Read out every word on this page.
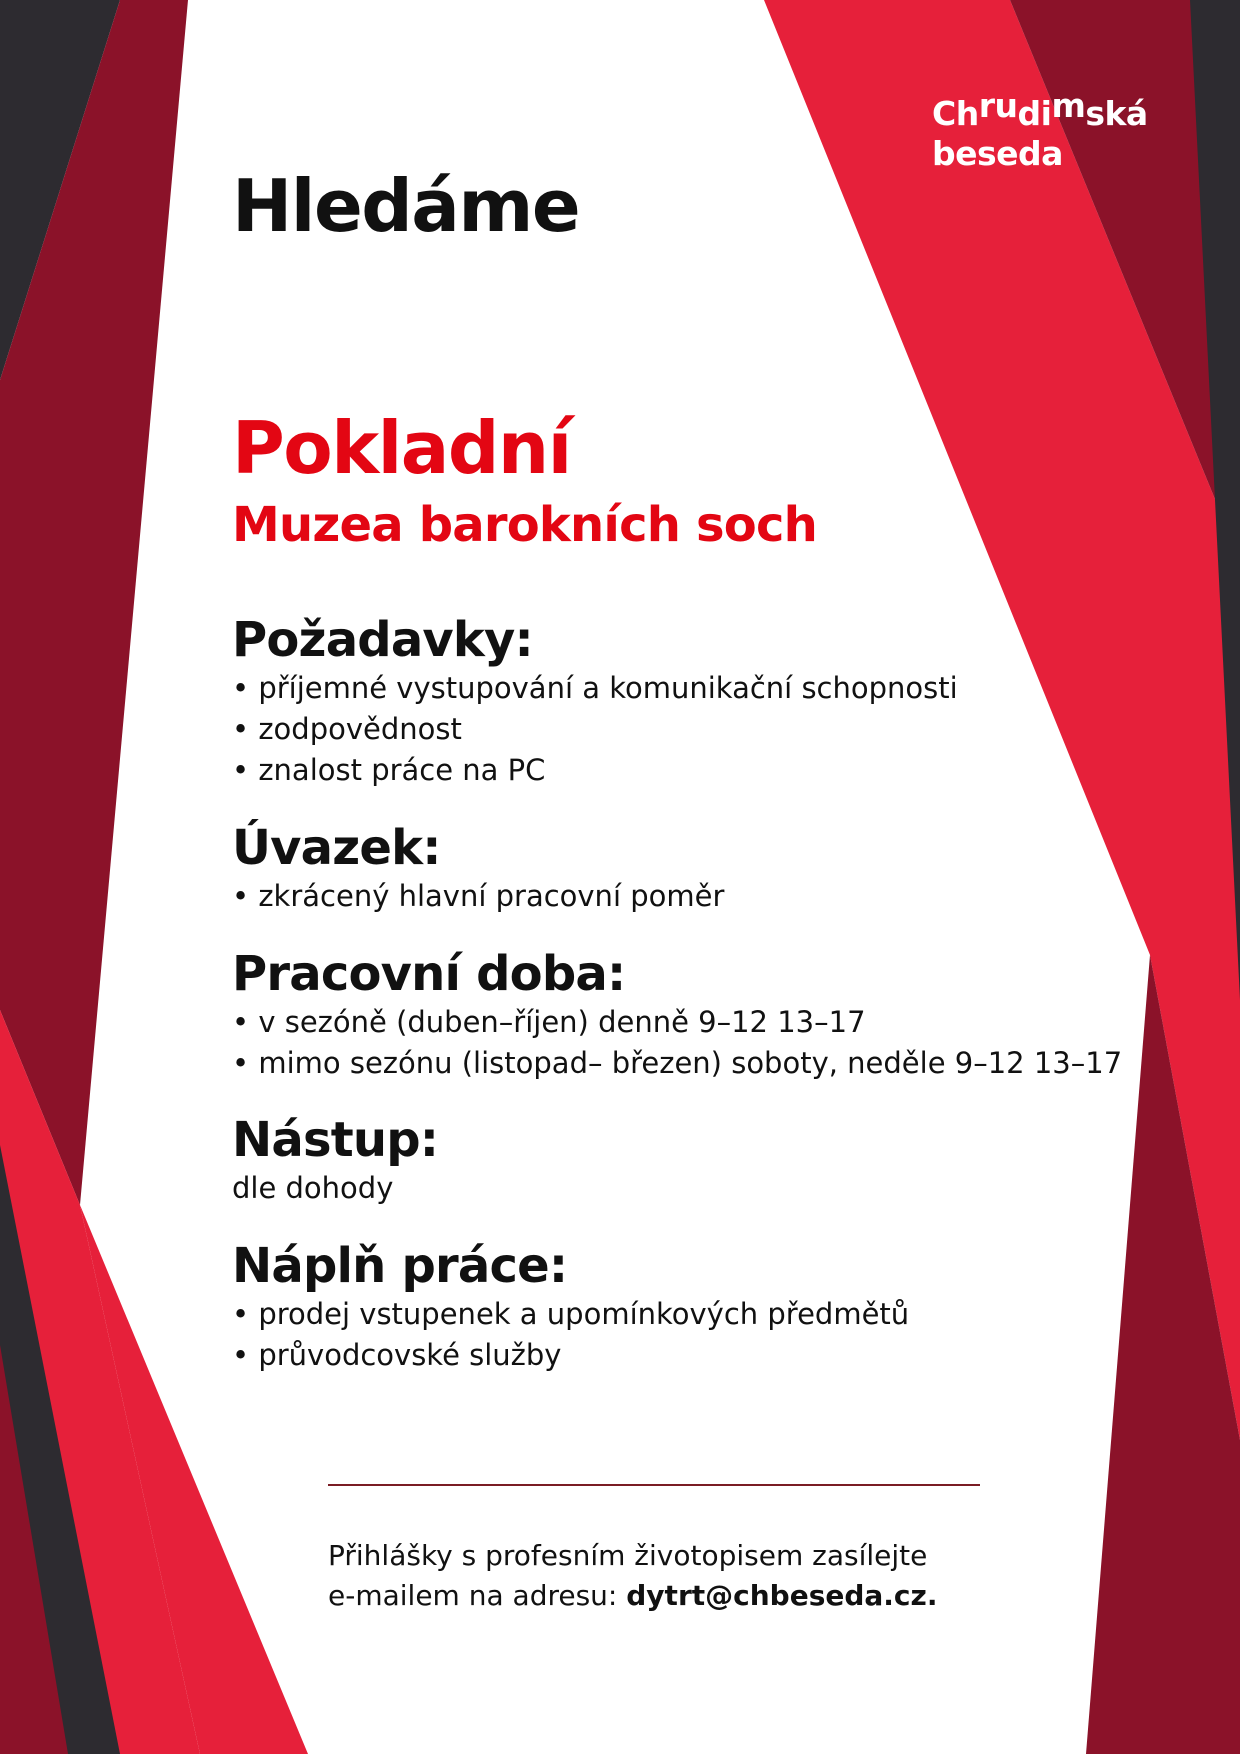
Chrudimská
beseda
Hledáme
Pokladní
Muzea barokních soch
Požadavky:
• příjemné vystupování a komunikační schopnosti
• zodpovědnost
• znalost práce na PC
Úvazek:
• zkrácený hlavní pracovní poměr
Pracovní doba:
• v sezóně (duben–říjen) denně 9–12 13–17
• mimo sezónu (listopad– březen) soboty, neděle 9–12 13–17
Nástup:

dle dohody

Náplň práce:
• prodej vstupenek a upomínkových předmětů
• průvodcovské služby
Přihlášky s profesním životopisem zasílejte
e-mailem na adresu: dytrt@chbeseda.cz.
